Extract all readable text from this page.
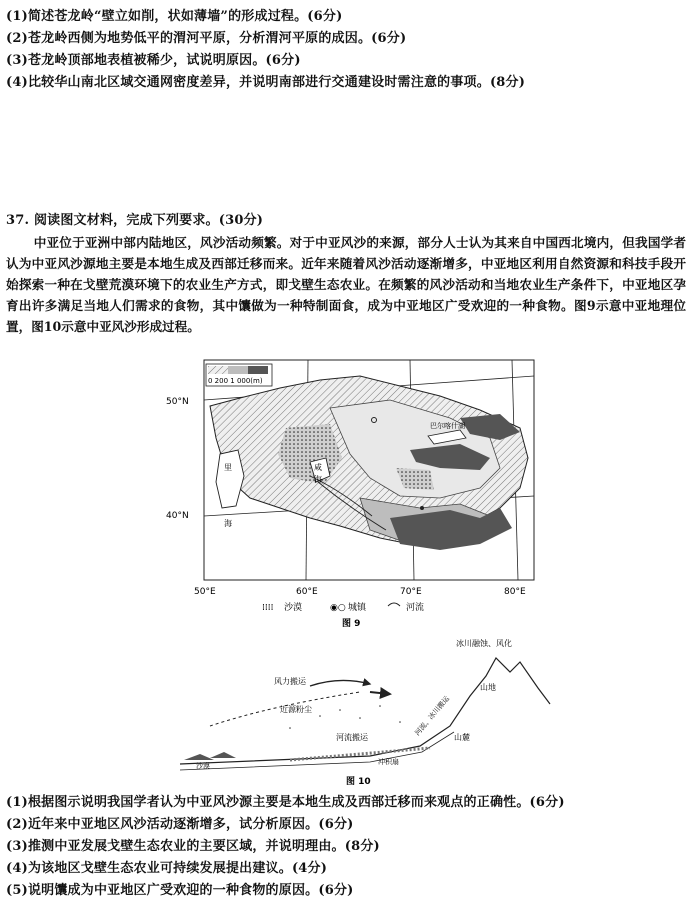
(1)简述苍龙岭“壁立如削，状如薄墙”的形成过程。(6分)
(2)苍龙岭西侧为地势低平的渭河平原，分析渭河平原的成因。(6分)
(3)苍龙岭顶部地表植被稀少，试说明原因。(6分)
(4)比较华山南北区域交通网密度差异，并说明南部进行交通建设时需注意的事项。(8分)
37. 阅读图文材料，完成下列要求。(30分)

中亚位于亚洲中部内陆地区，风沙活动频繁。对于中亚风沙的来源，部分人士认为其来自中国西北境内，但我国学者认为中亚风沙源地主要是本地生成及西部迁移而来。近年来随着风沙活动逐渐增多，中亚地区利用自然资源和科技手段开始探索一种在戈壁荒漠环境下的农业生产方式，即戈壁生态农业。在频繁的风沙活动和当地农业生产条件下，中亚地区孕育出许多满足当地人们需求的食物，其中馕做为一种特制面食，成为中亚地区广受欢迎的一种食物。图9示意中亚地理位置，图10示意中亚风沙形成过程。

0 200 1 000(m)
50°N
40°N
50°E	60°E	70°E	80°E
里
海
咸
海
巴尔喀什湖
⁞⁞⁞⁞ 沙漠	◉○ 城镇	河流
图 9
冰川融蚀、风化
山地
风力搬运
近源粉尘
河流搬运
河流、冰川搬运
山麓
沙漠	冲积扇
图 10
(1)根据图示说明我国学者认为中亚风沙源主要是本地生成及西部迁移而来观点的正确性。(6分)
(2)近年来中亚地区风沙活动逐渐增多，试分析原因。(6分)
(3)推测中亚发展戈壁生态农业的主要区域，并说明理由。(8分)
(4)为该地区戈壁生态农业可持续发展提出建议。(4分)
(5)说明馕成为中亚地区广受欢迎的一种食物的原因。(6分)
